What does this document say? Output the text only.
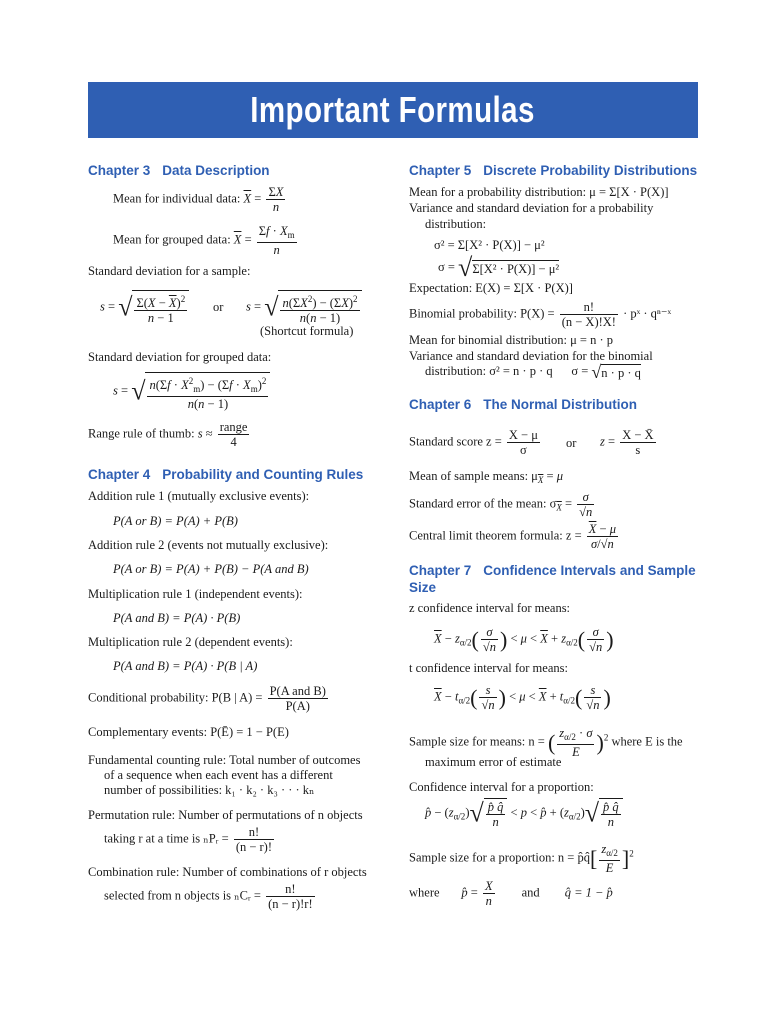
Important Formulas
Chapter 3 Data Description
Mean for individual data: $\overline{X} = \frac{\Sigma X}{n}$
Mean for grouped data: $\overline{X} = \frac{\Sigma f \cdot X_m}{n}$
Standard deviation for a sample:
s = √ $\frac{\Sigma(X - \overline{X})^2}{n - 1}$ or s = √ $\frac{n(\Sigma X^2) - (\Sigma X)^2}{n(n - 1)}$
(Shortcut formula)
Standard deviation for grouped data:
s = √ $\frac{n(\Sigma f \cdot X^2_m) - (\Sigma f \cdot X_m)^2}{n(n - 1)}$
Range rule of thumb: $s \approx \frac{\text{range}}{4}$
Chapter 4 Probability and Counting Rules
Addition rule 1 (mutually exclusive events):
P(A or B) = P(A) + P(B)
Addition rule 2 (events not mutually exclusive):
P(A or B) = P(A) + P(B) − P(A and B)
Multiplication rule 1 (independent events):
P(A and B) = P(A) · P(B)
Multiplication rule 2 (dependent events):
P(A and B) = P(A) · P(B | A)
Conditional probability: P(B | $A) = \frac{\text{P(A and B)}}{P(A)}$
Complementary events: P(Ē) = 1 − P(E)
Fundamental counting rule: Total number of outcomes
of a sequence when each event has a different
number of possibilities: k₁ · k₂ · k₃ · · · kₙ
Permutation rule: Number of permutations of n objects
taking r at a time is ₙPᵣ = $\frac{n!}{(n - r)!}$
Combination rule: Number of combinations of r objects
selected from n objects is ₙCᵣ = $\frac{n!}{(n - r)!r!}$
Chapter 5 Discrete Probability Distributions
Mean for a probability distribution: μ = Σ[X · P(X)]
Variance and standard deviation for a probability
distribution:
σ² = Σ[X² · P(X)] − μ²
σ = √Σ[X² · P(X)] − μ²
Expectation: E(X) = Σ[X · P(X)]
Binomial probability: $P(X) = \frac{n!}{(n - X)!X!}$ · pˣ · qⁿ⁻ˣ
Mean for binomial distribution: μ = n · p
Variance and standard deviation for the binomial
distribution: σ² = n · p · q σ = √n · p · q
Chapter 6 The Normal Distribution
Standard score $z = \frac{X - \mu}{\sigma}$ or $z = \frac{X - X̄}{s}$
Mean of sample means: $\mu_{\overline{X}} = \mu$
Standard error of the mean: $\sigma_{\overline{X}} = \frac{\sigma}{√n}$
Central limit theorem formula: $z = \frac{\overline{X} - \mu}{\sigma/√n}$
Chapter 7 Confidence Intervals and Sample Size
z confidence interval for means:
$\overline{X} - z_{\alpha/2}( \frac{\sigma}{√n}$ ) < $\mu < \overline{X} + z_{\alpha/2}( \frac{\sigma}{√n}$ )
t confidence interval for means:
$\overline{X} - t_{\alpha/2}( \frac{s}{√n}$ ) < $\mu < \overline{X} + t_{\alpha/2}( \frac{s}{√n}$ )
Sample size for means: n = ( $\frac{z_{\alpha/2} \cdot \sigma}{E} )^2$ where E is the
maximum error of estimate
Confidence interval for a proportion:
p̂ − $(z_{\alpha/2})√ \frac{p̂ q̂}{n} < p$ < p̂ + $(z_{\alpha/2})√ \frac{p̂ q̂}{n}$
Sample size for a proportion: n = p̂q̂[ $\frac{z_{\alpha/2}}{E} ]^2$
where p̂ = $\frac{X}{n}$ and q̂ = 1 − p̂
